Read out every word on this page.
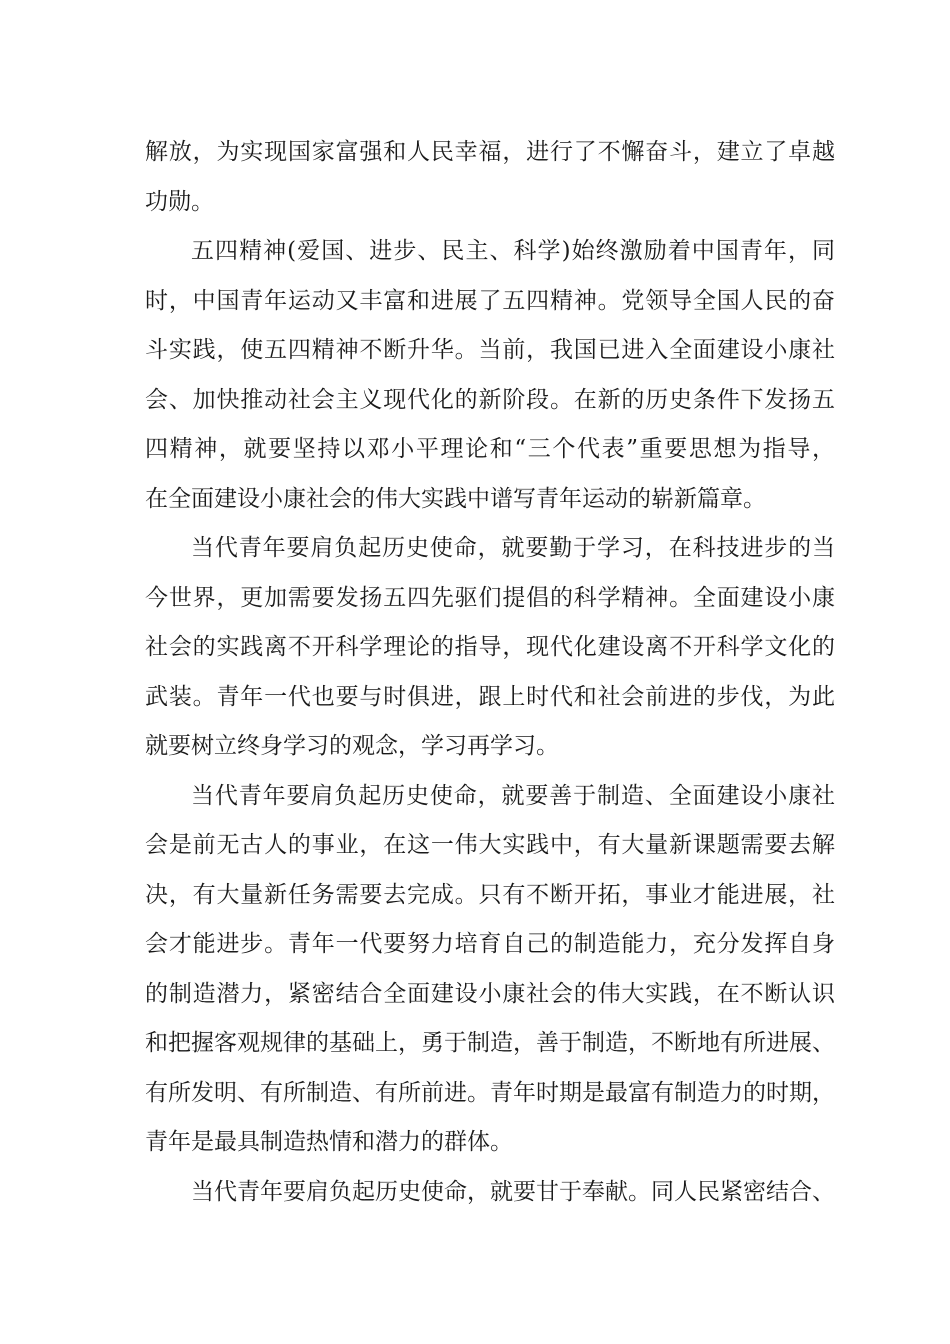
解放，为实现国家富强和人民幸福，进行了不懈奋斗，建立了卓越
功勋。
五四精神(爱国、进步、民主、科学)始终激励着中国青年，同
时，中国青年运动又丰富和进展了五四精神。党领导全国人民的奋
斗实践，使五四精神不断升华。当前，我国已进入全面建设小康社
会、加快推动社会主义现代化的新阶段。在新的历史条件下发扬五
四精神，就要坚持以邓小平理论和“三个代表”重要思想为指导，
在全面建设小康社会的伟大实践中谱写青年运动的崭新篇章。
当代青年要肩负起历史使命，就要勤于学习，在科技进步的当
今世界，更加需要发扬五四先驱们提倡的科学精神。全面建设小康
社会的实践离不开科学理论的指导，现代化建设离不开科学文化的
武装。青年一代也要与时俱进，跟上时代和社会前进的步伐，为此
就要树立终身学习的观念，学习再学习。
当代青年要肩负起历史使命，就要善于制造、全面建设小康社
会是前无古人的事业，在这一伟大实践中，有大量新课题需要去解
决，有大量新任务需要去完成。只有不断开拓，事业才能进展，社
会才能进步。青年一代要努力培育自己的制造能力，充分发挥自身
的制造潜力，紧密结合全面建设小康社会的伟大实践，在不断认识
和把握客观规律的基础上，勇于制造，善于制造，不断地有所进展、
有所发明、有所制造、有所前进。青年时期是最富有制造力的时期，
青年是最具制造热情和潜力的群体。
当代青年要肩负起历史使命，就要甘于奉献。同人民紧密结合、
